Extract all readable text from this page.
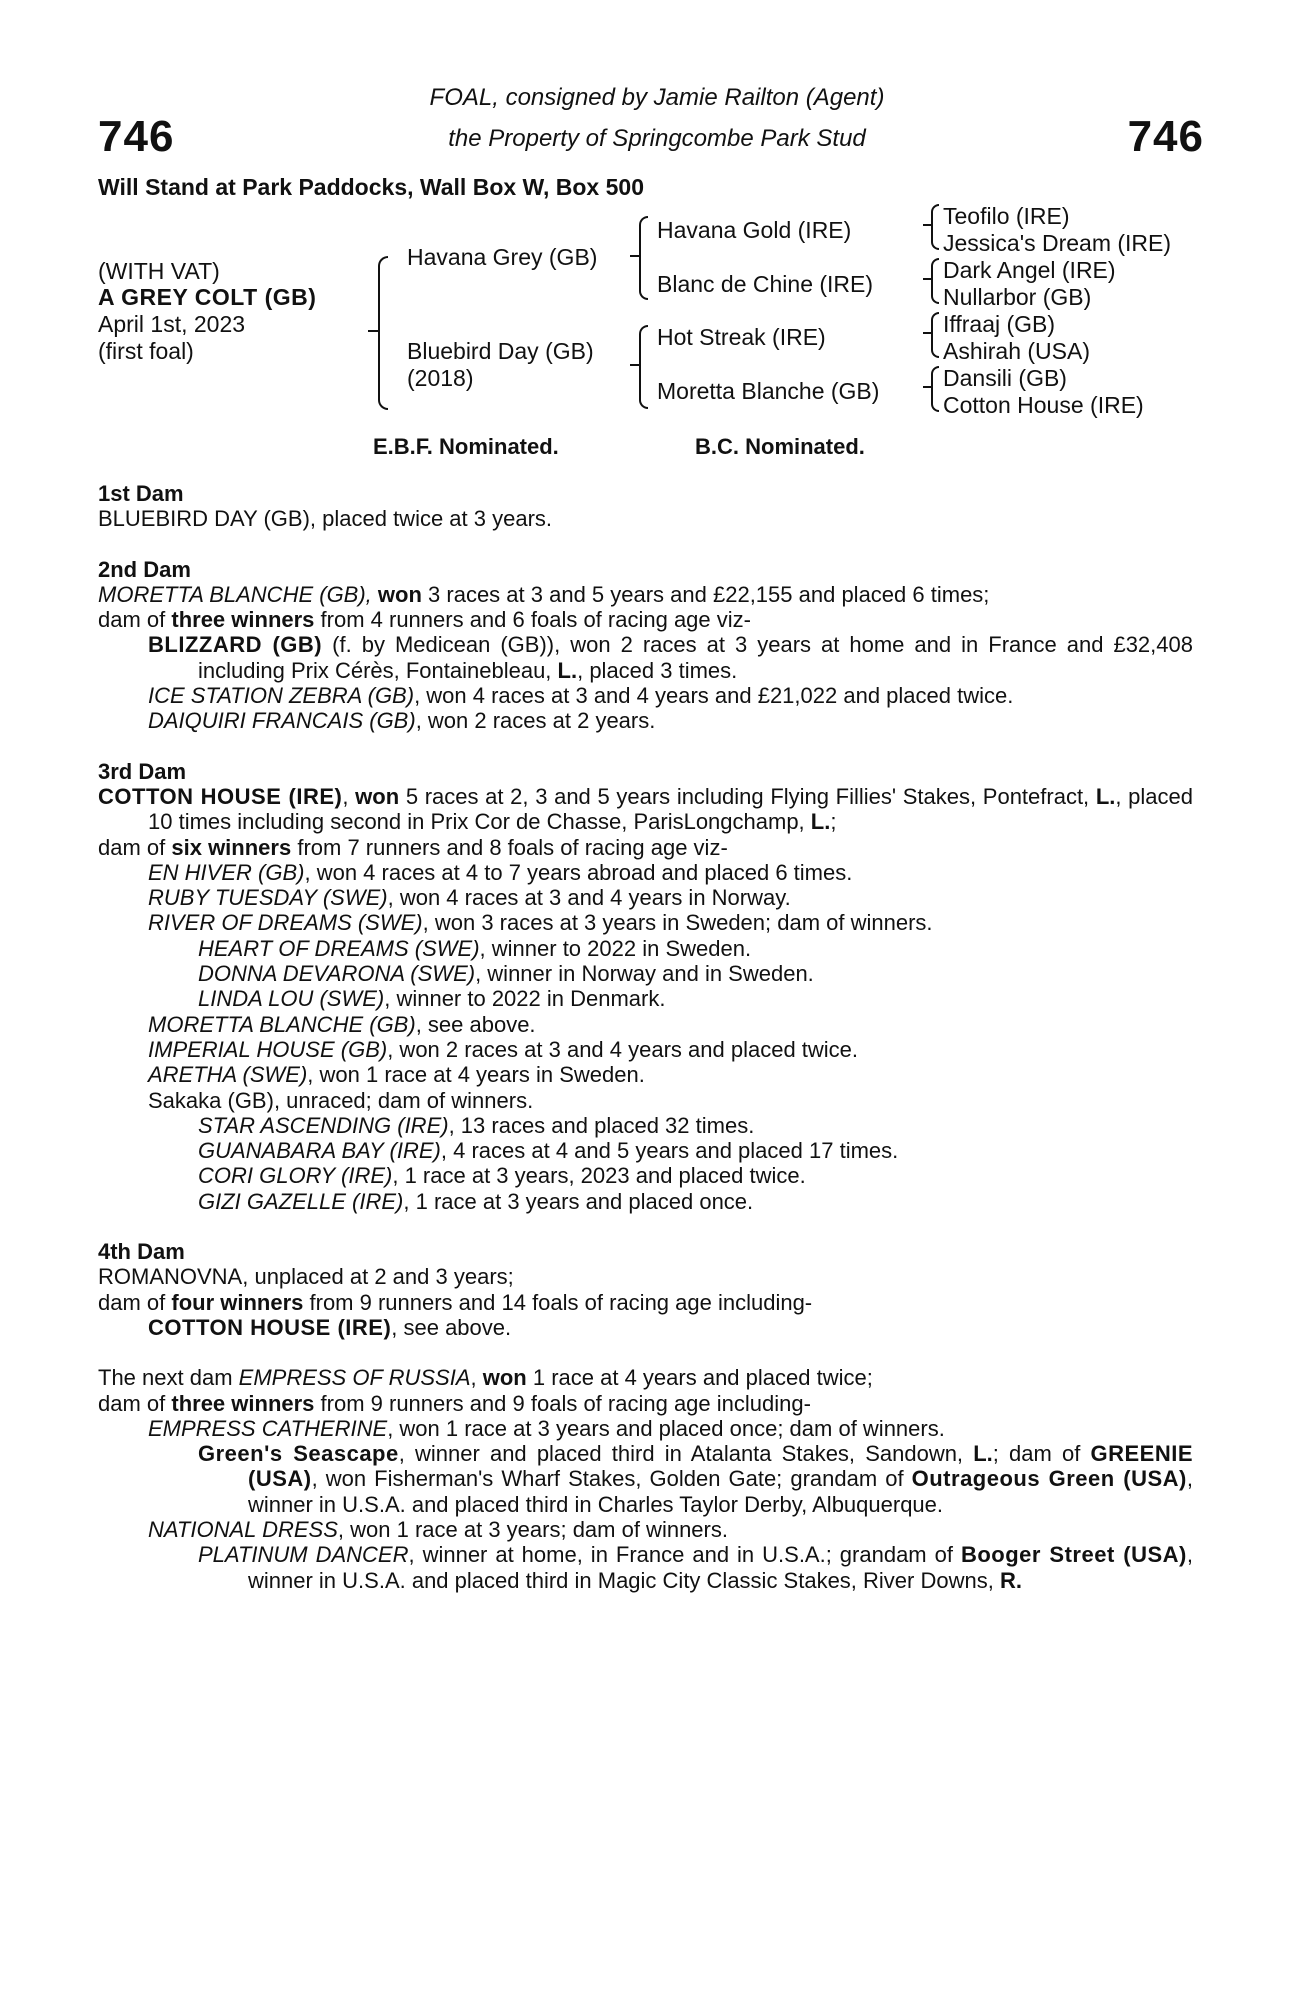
746	746
FOAL, consigned by Jamie Railton (Agent)
the Property of Springcombe Park Stud
Will Stand at Park Paddocks, Wall Box W, Box 500
(WITH VAT)
A GREY COLT (GB)
April 1st, 2023
(first foal)
Havana Grey (GB)
Bluebird Day (GB)
(2018)
Havana Gold (IRE)
Blanc de Chine (IRE)
Hot Streak (IRE)
Moretta Blanche (GB)
Teofilo (IRE)
Jessica's Dream (IRE)
Dark Angel (IRE)
Nullarbor (GB)
Iffraaj (GB)
Ashirah (USA)
Dansili (GB)
Cotton House (IRE)
E.B.F. Nominated.	B.C. Nominated.

1st Dam

BLUEBIRD DAY (GB), placed twice at 3 years.

2nd Dam

MORETTA BLANCHE (GB), won 3 races at 3 and 5 years and £22,155 and placed 6 times;

dam of three winners from 4 runners and 6 foals of racing age viz-

BLIZZARD (GB) (f. by Medicean (GB)), won 2 races at 3 years at home and in France and £32,408 including Prix Cérès, Fontainebleau, L., placed 3 times.

ICE STATION ZEBRA (GB), won 4 races at 3 and 4 years and £21,022 and placed twice.

DAIQUIRI FRANCAIS (GB), won 2 races at 2 years.

3rd Dam

COTTON HOUSE (IRE), won 5 races at 2, 3 and 5 years including Flying Fillies' Stakes, Pontefract, L., placed 10 times including second in Prix Cor de Chasse, ParisLongchamp, L.;

dam of six winners from 7 runners and 8 foals of racing age viz-

EN HIVER (GB), won 4 races at 4 to 7 years abroad and placed 6 times.

RUBY TUESDAY (SWE), won 4 races at 3 and 4 years in Norway.

RIVER OF DREAMS (SWE), won 3 races at 3 years in Sweden; dam of winners.

HEART OF DREAMS (SWE), winner to 2022 in Sweden.

DONNA DEVARONA (SWE), winner in Norway and in Sweden.

LINDA LOU (SWE), winner to 2022 in Denmark.

MORETTA BLANCHE (GB), see above.

IMPERIAL HOUSE (GB), won 2 races at 3 and 4 years and placed twice.

ARETHA (SWE), won 1 race at 4 years in Sweden.

Sakaka (GB), unraced; dam of winners.

STAR ASCENDING (IRE), 13 races and placed 32 times.

GUANABARA BAY (IRE), 4 races at 4 and 5 years and placed 17 times.

CORI GLORY (IRE), 1 race at 3 years, 2023 and placed twice.

GIZI GAZELLE (IRE), 1 race at 3 years and placed once.

4th Dam

ROMANOVNA, unplaced at 2 and 3 years;

dam of four winners from 9 runners and 14 foals of racing age including-

COTTON HOUSE (IRE), see above.

The next dam EMPRESS OF RUSSIA, won 1 race at 4 years and placed twice;

dam of three winners from 9 runners and 9 foals of racing age including-

EMPRESS CATHERINE, won 1 race at 3 years and placed once; dam of winners.

Green's Seascape, winner and placed third in Atalanta Stakes, Sandown, L.; dam of GREENIE (USA), won Fisherman's Wharf Stakes, Golden Gate; grandam of Outrageous Green (USA), winner in U.S.A. and placed third in Charles Taylor Derby, Albuquerque.

NATIONAL DRESS, won 1 race at 3 years; dam of winners.

PLATINUM DANCER, winner at home, in France and in U.S.A.; grandam of Booger Street (USA), winner in U.S.A. and placed third in Magic City Classic Stakes, River Downs, R.
